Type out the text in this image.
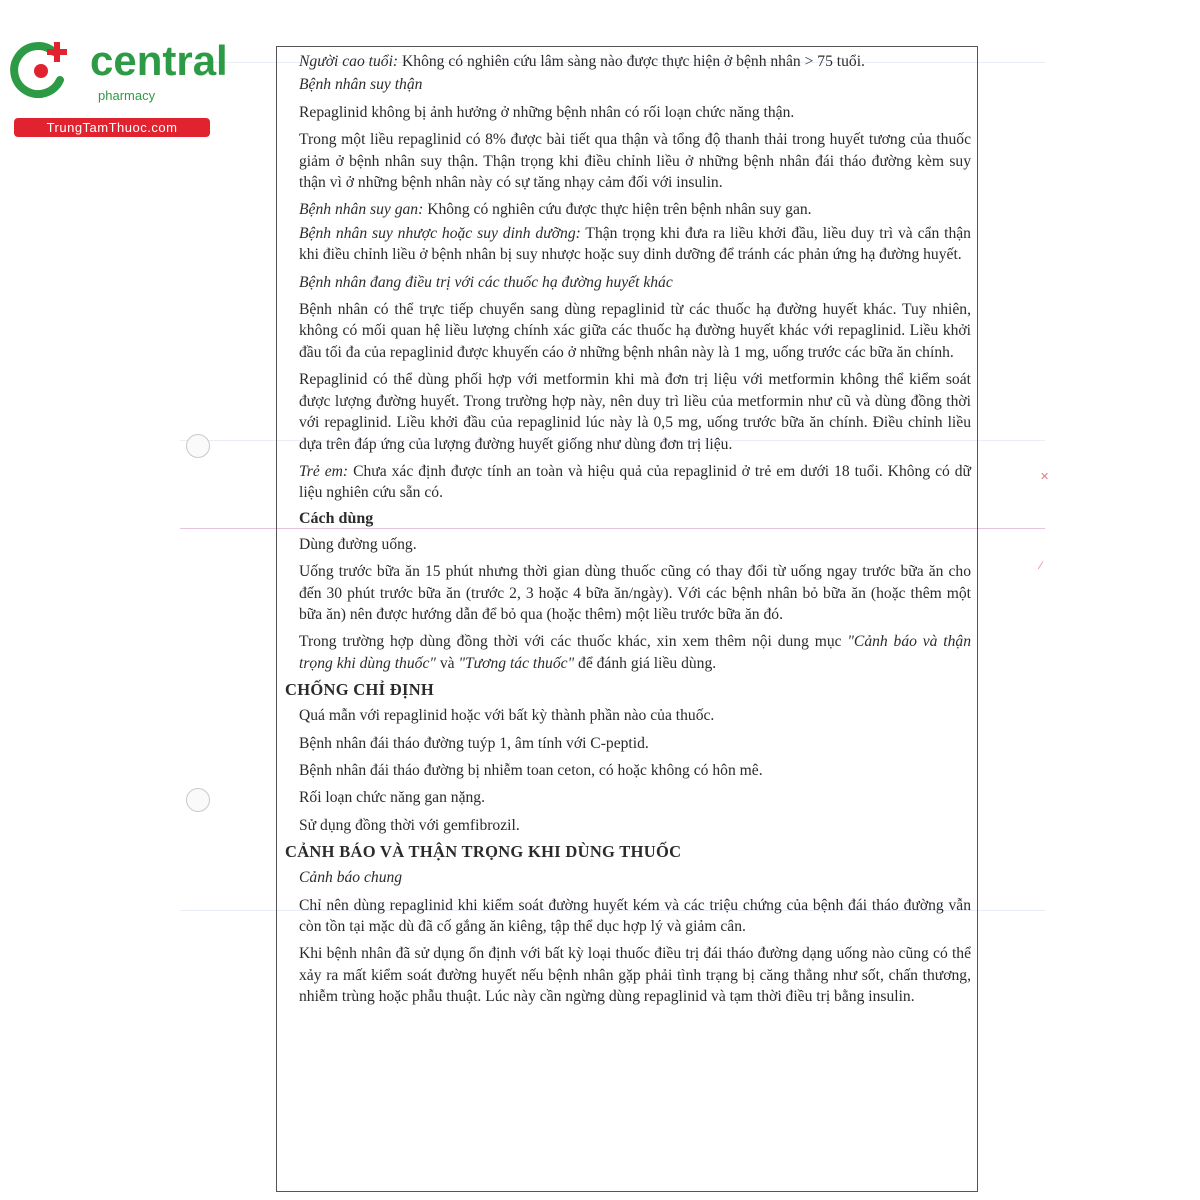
✕
⁄
central
pharmacy
TrungTamThuoc.com

Người cao tuổi: Không có nghiên cứu lâm sàng nào được thực hiện ở bệnh nhân > 75 tuổi.

Bệnh nhân suy thận

Repaglinid không bị ảnh hưởng ở những bệnh nhân có rối loạn chức năng thận.

Trong một liều repaglinid có 8% được bài tiết qua thận và tổng độ thanh thải trong huyết tương của thuốc giảm ở bệnh nhân suy thận. Thận trọng khi điều chỉnh liều ở những bệnh nhân đái tháo đường kèm suy thận vì ở những bệnh nhân này có sự tăng nhạy cảm đối với insulin.

Bệnh nhân suy gan: Không có nghiên cứu được thực hiện trên bệnh nhân suy gan.

Bệnh nhân suy nhược hoặc suy dinh dưỡng: Thận trọng khi đưa ra liều khởi đầu, liều duy trì và cẩn thận khi điều chỉnh liều ở bệnh nhân bị suy nhược hoặc suy dinh dưỡng để tránh các phản ứng hạ đường huyết.

Bệnh nhân đang điều trị với các thuốc hạ đường huyết khác

Bệnh nhân có thể trực tiếp chuyển sang dùng repaglinid từ các thuốc hạ đường huyết khác. Tuy nhiên, không có mối quan hệ liều lượng chính xác giữa các thuốc hạ đường huyết khác với repaglinid. Liều khởi đầu tối đa của repaglinid được khuyến cáo ở những bệnh nhân này là 1 mg, uống trước các bữa ăn chính.

Repaglinid có thể dùng phối hợp với metformin khi mà đơn trị liệu với metformin không thể kiểm soát được lượng đường huyết. Trong trường hợp này, nên duy trì liều của metformin như cũ và dùng đồng thời với repaglinid. Liều khởi đầu của repaglinid lúc này là 0,5 mg, uống trước bữa ăn chính. Điều chỉnh liều dựa trên đáp ứng của lượng đường huyết giống như dùng đơn trị liệu.

Trẻ em: Chưa xác định được tính an toàn và hiệu quả của repaglinid ở trẻ em dưới 18 tuổi. Không có dữ liệu nghiên cứu sẵn có.

Cách dùng

Dùng đường uống.

Uống trước bữa ăn 15 phút nhưng thời gian dùng thuốc cũng có thay đổi từ uống ngay trước bữa ăn cho đến 30 phút trước bữa ăn (trước 2, 3 hoặc 4 bữa ăn/ngày). Với các bệnh nhân bỏ bữa ăn (hoặc thêm một bữa ăn) nên được hướng dẫn để bỏ qua (hoặc thêm) một liều trước bữa ăn đó.

Trong trường hợp dùng đồng thời với các thuốc khác, xin xem thêm nội dung mục "Cảnh báo và thận trọng khi dùng thuốc" và "Tương tác thuốc" để đánh giá liều dùng.

CHỐNG CHỈ ĐỊNH

Quá mẫn với repaglinid hoặc với bất kỳ thành phần nào của thuốc.

Bệnh nhân đái tháo đường tuýp 1, âm tính với C-peptid.

Bệnh nhân đái tháo đường bị nhiễm toan ceton, có hoặc không có hôn mê.

Rối loạn chức năng gan nặng.

Sử dụng đồng thời với gemfibrozil.

CẢNH BÁO VÀ THẬN TRỌNG KHI DÙNG THUỐC

Cảnh báo chung

Chỉ nên dùng repaglinid khi kiểm soát đường huyết kém và các triệu chứng của bệnh đái tháo đường vẫn còn tồn tại mặc dù đã cố gắng ăn kiêng, tập thể dục hợp lý và giảm cân.

Khi bệnh nhân đã sử dụng ổn định với bất kỳ loại thuốc điều trị đái tháo đường dạng uống nào cũng có thể xảy ra mất kiểm soát đường huyết nếu bệnh nhân gặp phải tình trạng bị căng thẳng như sốt, chấn thương, nhiễm trùng hoặc phẫu thuật. Lúc này cần ngừng dùng repaglinid và tạm thời điều trị bằng insulin.
